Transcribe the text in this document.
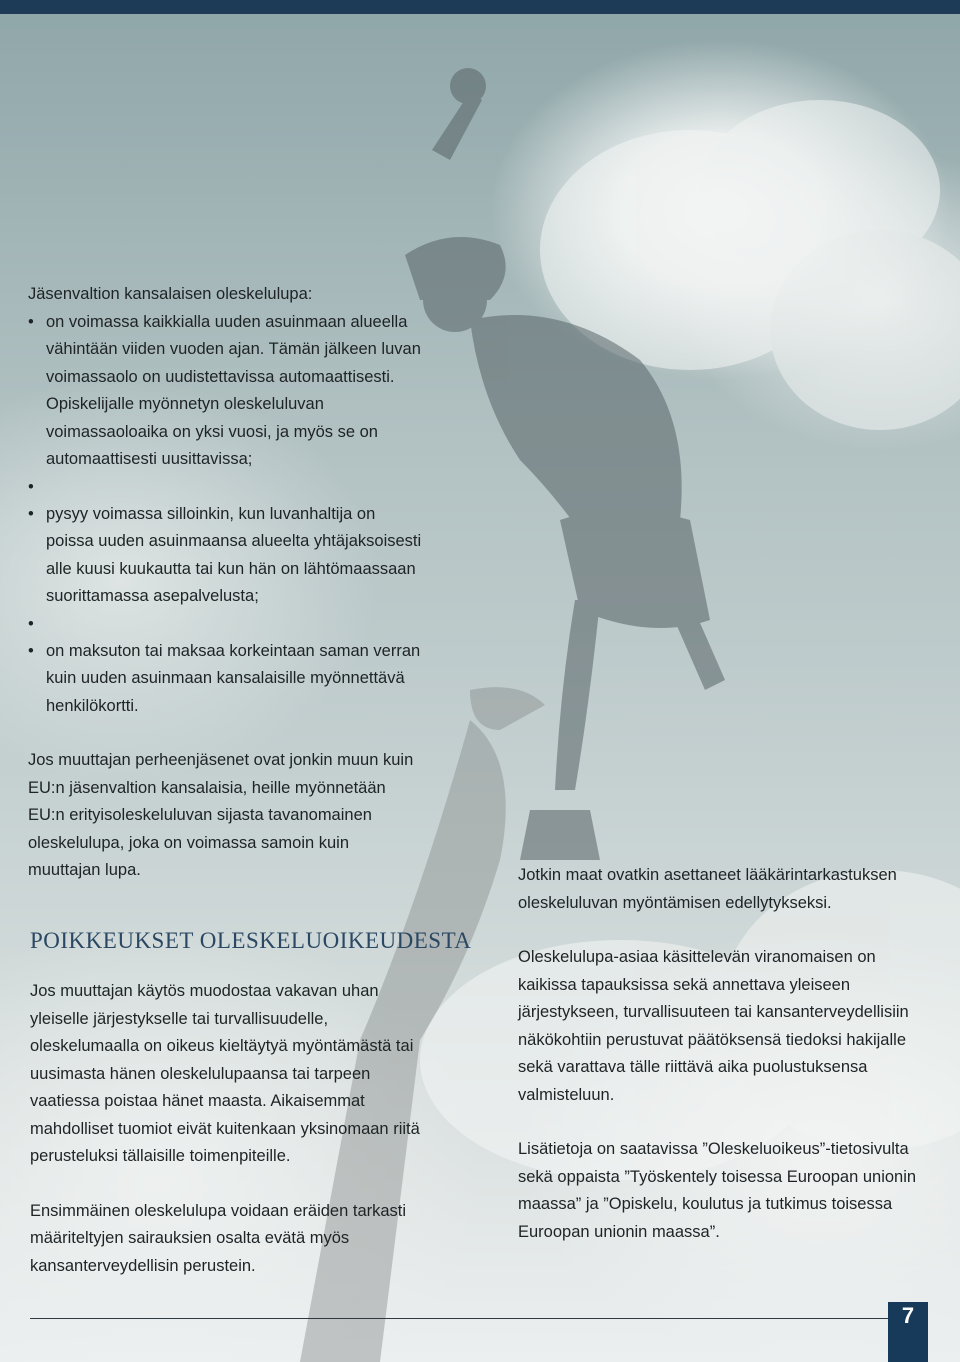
Jäsenvaltion kansalaisen oleskelulupa:

• on voimassa kaikkialla uuden asuinmaan alueella vähintään viiden vuoden ajan. Tämän jälkeen luvan voimassaolo on uudistettavissa automaattisesti. Opiskelijalle myönnetyn oleskeluluvan voimassaoloaika on yksi vuosi, ja myös se on automaattisesti uusittavissa;
•
• pysyy voimassa silloinkin, kun luvanhaltija on poissa uuden asuinmaansa alueelta yhtäjaksoisesti alle kuusi kuukautta tai kun hän on lähtömaassaan suorittamassa asepalvelusta;
•
• on maksuton tai maksaa korkeintaan saman verran kuin uuden asuinmaan kansalaisille myönnettävä henkilökortti.

Jos muuttajan perheenjäsenet ovat jonkin muun kuin EU:n jäsenvaltion kansalaisia, heille myönnetään EU:n erityisoleskeluluvan sijasta tavanomainen oleskelulupa, joka on voimassa samoin kuin muuttajan lupa.

POIKKEUKSET OLESKELUOIKEUDESTA

Jos muuttajan käytös muodostaa vakavan uhan yleiselle järjestykselle tai turvallisuudelle, oleskelumaalla on oikeus kieltäytyä myöntämästä tai uusimasta hänen oleskelulupaansa tai tarpeen vaatiessa poistaa hänet maasta. Aikaisemmat mahdolliset tuomiot eivät kuitenkaan yksinomaan riitä perusteluksi tällaisille toimenpiteille.

Ensimmäinen oleskelulupa voidaan eräiden tarkasti määriteltyjen sairauksien osalta evätä myös kansanterveydellisin perustein.

Jotkin maat ovatkin asettaneet lääkärintarkastuksen oleskeluluvan myöntämisen edellytykseksi.

Oleskelulupa-asiaa käsittelevän viranomaisen on kaikissa tapauksissa sekä annettava yleiseen järjestykseen, turvallisuuteen tai kansanterveydellisiin näkökohtiin perustuvat päätöksensä tiedoksi hakijalle sekä varattava tälle riittävä aika puolustuksensa valmisteluun.

Lisätietoja on saatavissa ”Oleskeluoikeus”-tietosivulta sekä oppaista ”Työskentely toisessa Euroopan unionin maassa” ja ”Opiskelu, koulutus ja tutkimus toisessa Euroopan unionin maassa”.

7
